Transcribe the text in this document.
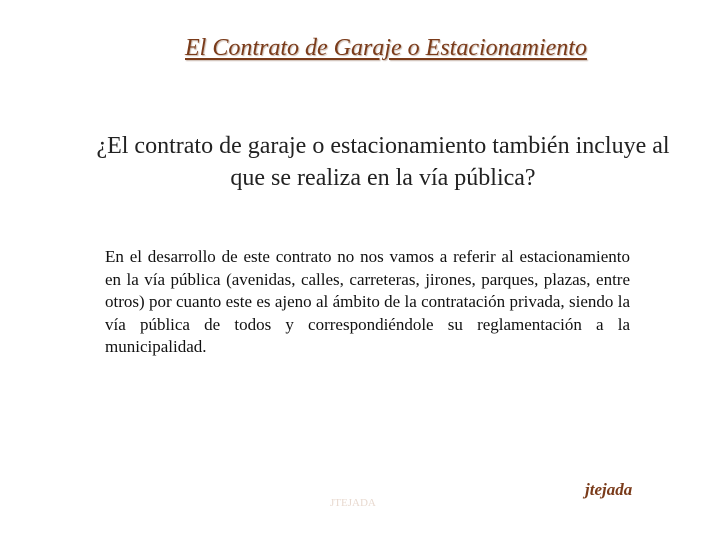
El Contrato de Garaje o Estacionamiento
¿El contrato de garaje o estacionamiento también incluye al que se realiza en la vía pública?
En el desarrollo de este contrato no nos vamos a referir al estacionamiento en la vía pública (avenidas, calles, carreteras, jirones, parques, plazas, entre otros) por cuanto este es ajeno al ámbito de la contratación privada, siendo la vía pública de todos y correspondiéndole su reglamentación a la municipalidad.
JTEJADA
jtejada
